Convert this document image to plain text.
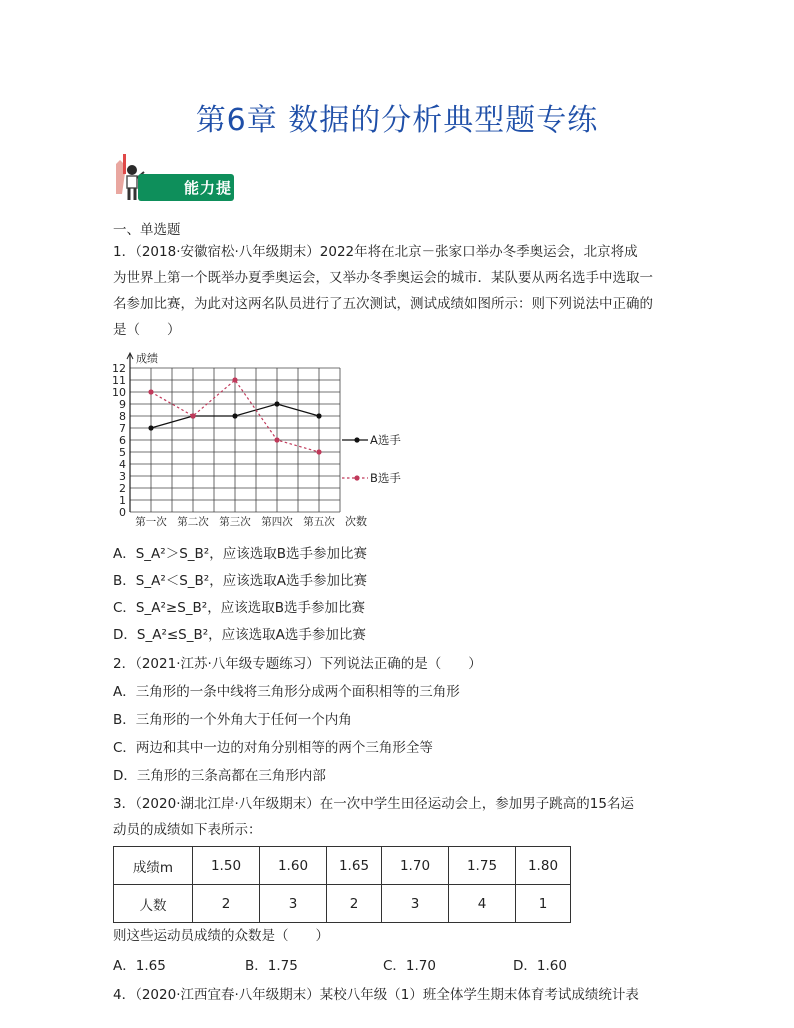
第6章 数据的分析典型题专练
能力提升
一、单选题
1．（2018·安徽宿松·八年级期末）2022年将在北京－张家口举办冬季奥运会，北京将成
为世界上第一个既举办夏季奥运会，又举办冬季奥运会的城市．某队要从两名选手中选取一
名参加比赛，为此对这两名队员进行了五次测试，测试成绩如图所示：则下列说法中正确的
是（　　）
成绩
0
1
2
3
4
5
6
7
8
9
10
11
12
第一次 第二次 第三次 第四次 第五次 次数
A选手
B选手
A．S_A²＞S_B²，应该选取B选手参加比赛
B．S_A²＜S_B²，应该选取A选手参加比赛
C．S_A²≥S_B²，应该选取B选手参加比赛
D．S_A²≤S_B²，应该选取A选手参加比赛
2．（2021·江苏·八年级专题练习）下列说法正确的是（　　）
A．三角形的一条中线将三角形分成两个面积相等的三角形
B．三角形的一个外角大于任何一个内角
C．两边和其中一边的对角分别相等的两个三角形全等
D．三角形的三条高都在三角形内部
3．（2020·湖北江岸·八年级期末）在一次中学生田径运动会上，参加男子跳高的15名运
动员的成绩如下表所示：
成绩m	1.50	1.60	1.65	1.70	1.75	1.80
人数	2	3	2	3	4	1
则这些运动员成绩的众数是（　　）
A．1.65	B．1.75	C．1.70	D．1.60
4．（2020·江西宜春·八年级期末）某校八年级（1）班全体学生期末体育考试成绩统计表
